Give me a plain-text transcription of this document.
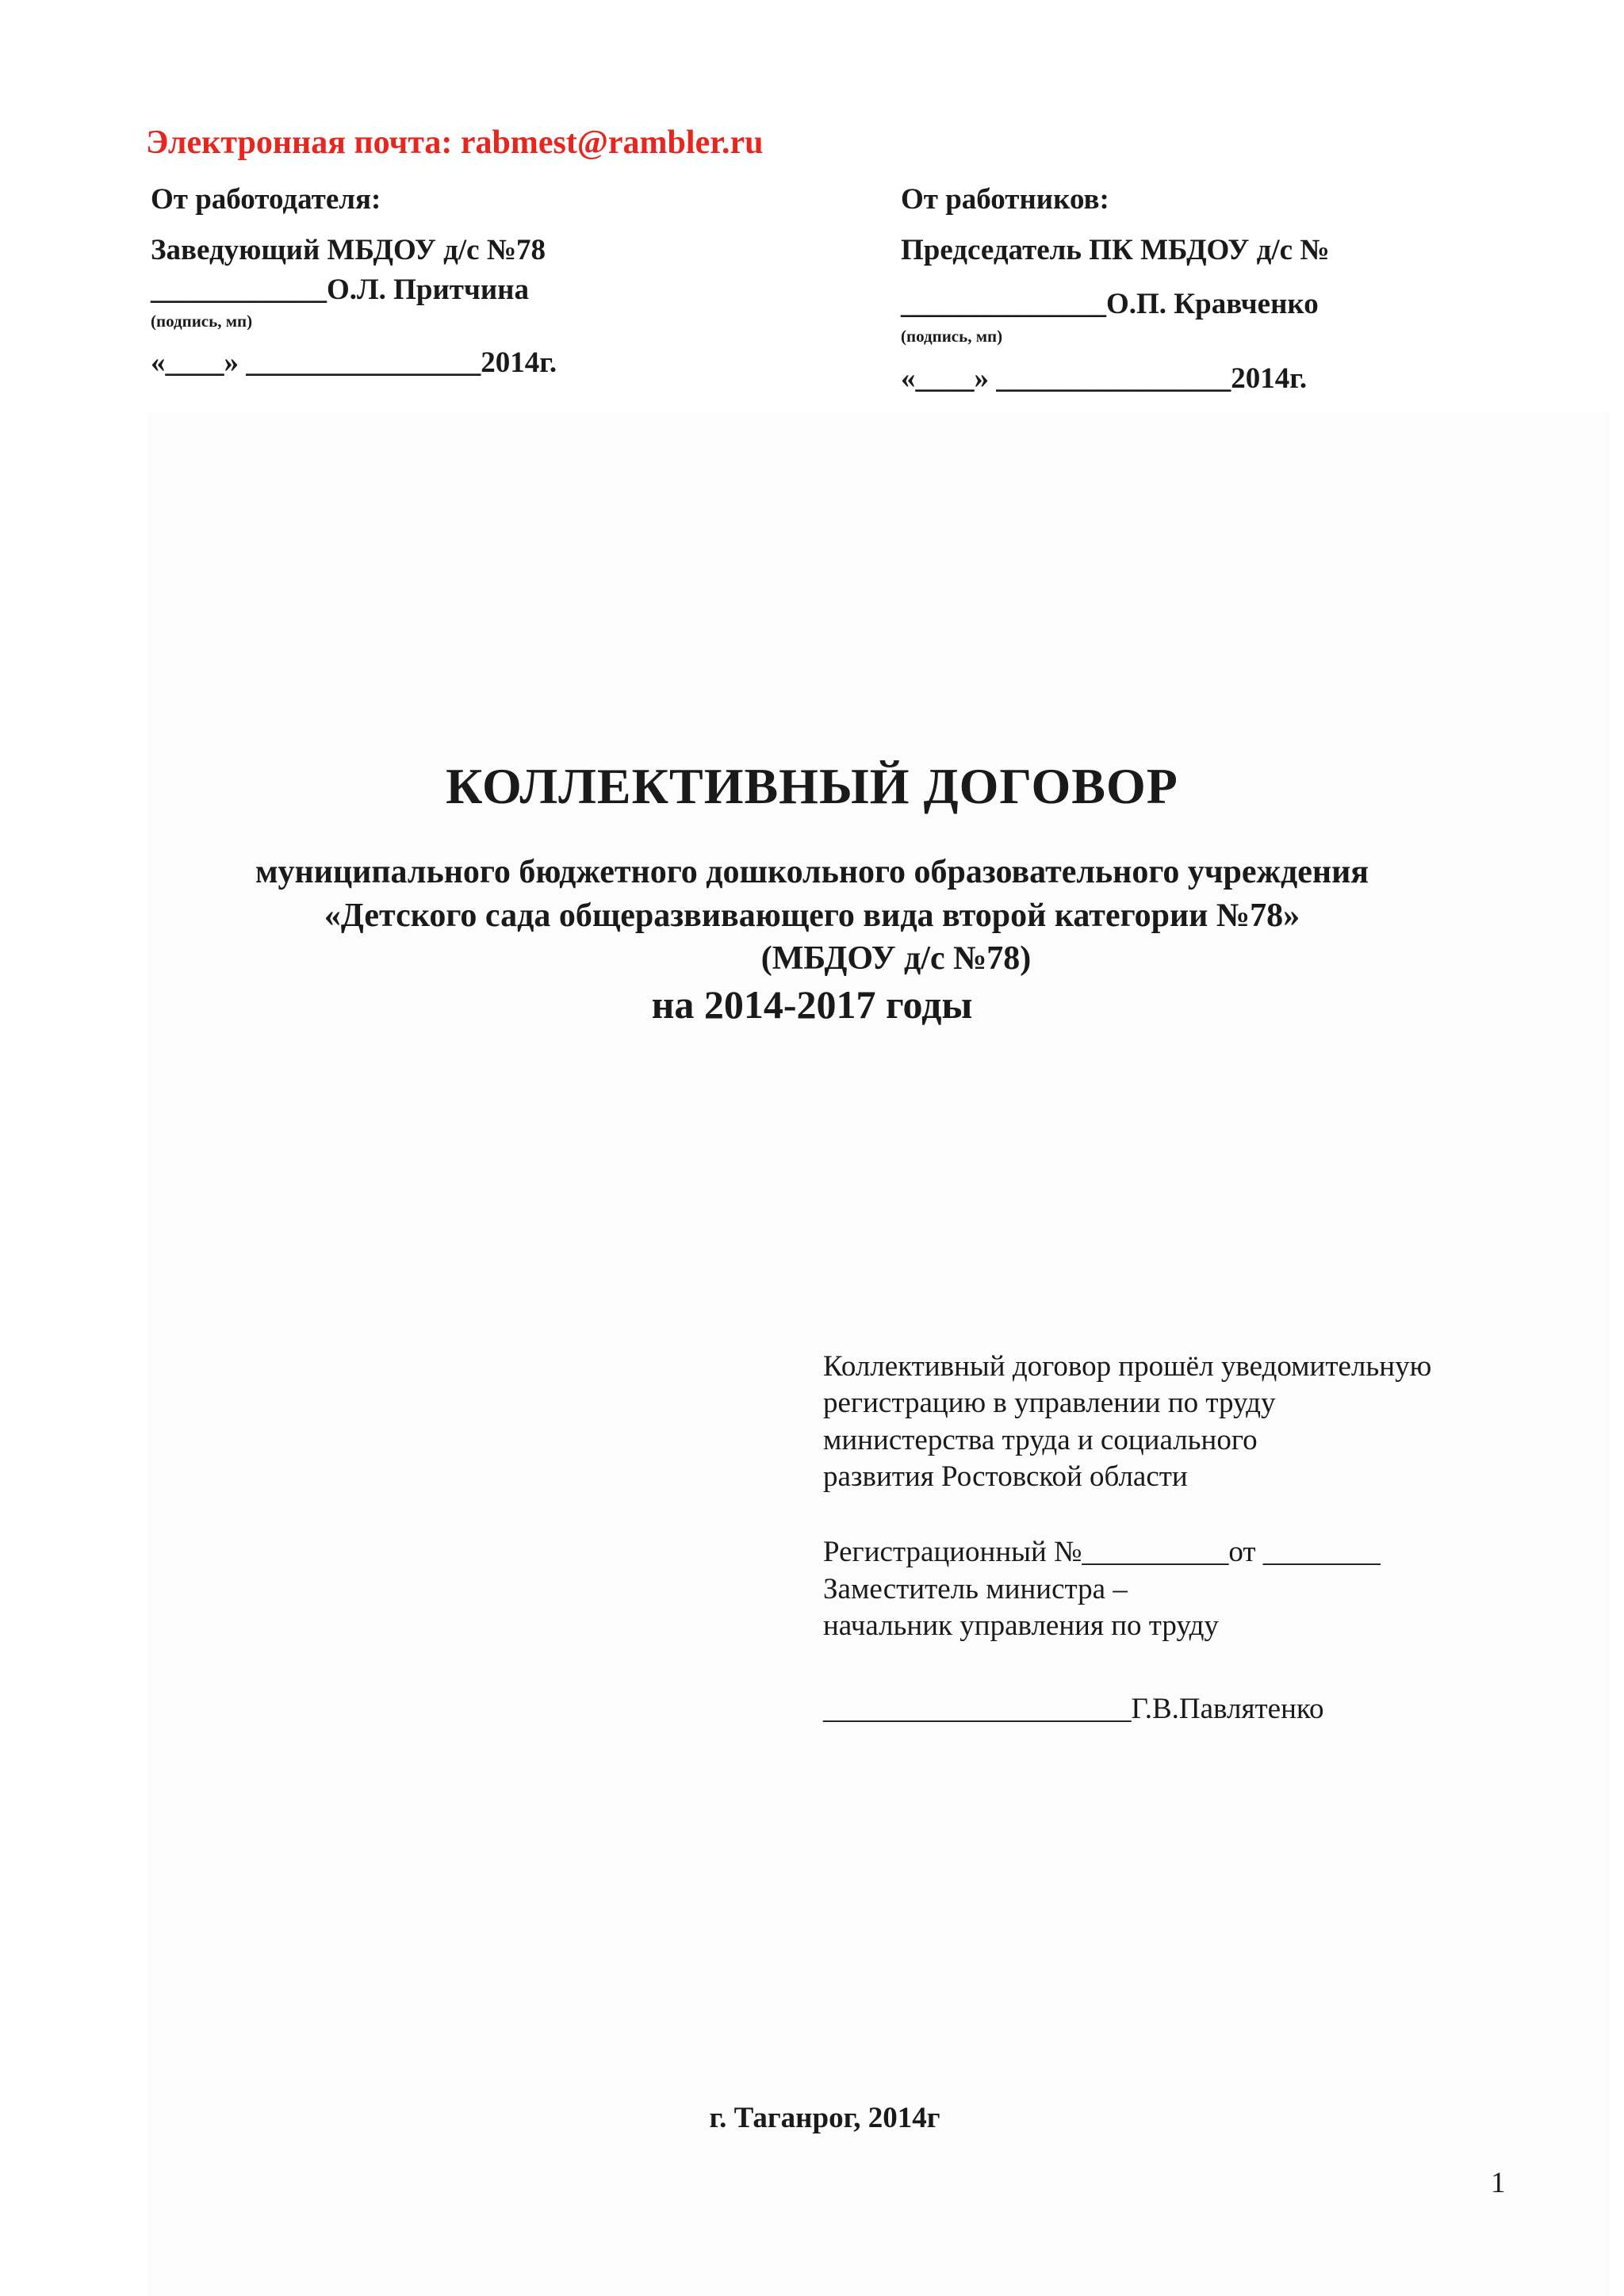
Электронная почта: rabmest@rambler.ru
От работодателя:
Заведующий МБДОУ д/с №78
____________О.Л. Притчина
(подпись, мп)
«____» ________________2014г.
От работников:
Председатель ПК МБДОУ д/с №
______________О.П. Кравченко
(подпись, мп)
«____» ________________2014г.
КОЛЛЕКТИВНЫЙ ДОГОВОР
муниципального бюджетного дошкольного образовательного учреждения
«Детского сада общеразвивающего вида второй категории №78»
(МБДОУ д/с №78)
на 2014-2017 годы
Коллективный договор прошёл уведомительную
регистрацию в управлении по труду
министерства труда и социального
развития Ростовской области
Регистрационный №__________от ________
Заместитель министра –
начальник управления по труду
_____________________Г.В.Павлятенко
г. Таганрог, 2014г
1
